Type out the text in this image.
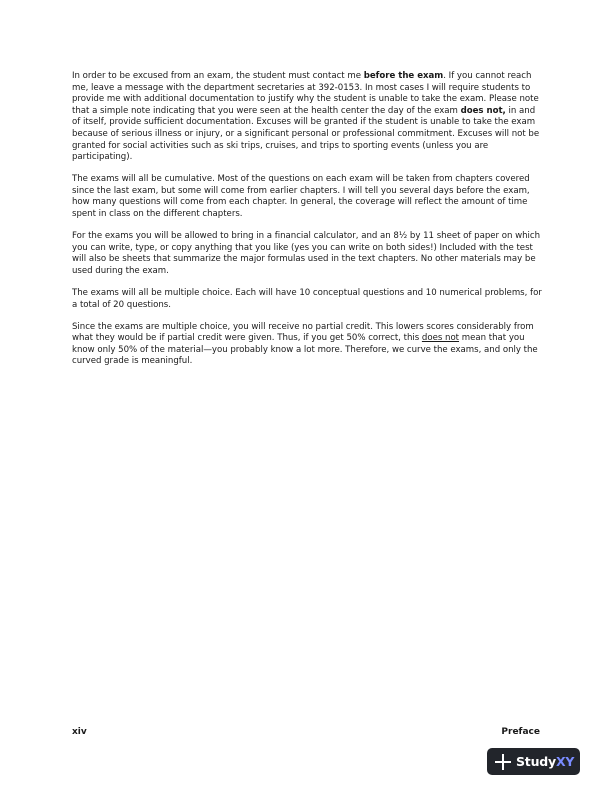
In order to be excused from an exam, the student must contact me before the exam. If you cannot reach me, leave a message with the department secretaries at 392-0153. In most cases I will require students to provide me with additional documentation to justify why the student is unable to take the exam. Please note that a simple note indicating that you were seen at the health center the day of the exam does not, in and of itself, provide sufficient documentation. Excuses will be granted if the student is unable to take the exam because of serious illness or injury, or a significant personal or professional commitment. Excuses will not be granted for social activities such as ski trips, cruises, and trips to sporting events (unless you are participating).

The exams will all be cumulative. Most of the questions on each exam will be taken from chapters covered since the last exam, but some will come from earlier chapters. I will tell you several days before the exam, how many questions will come from each chapter. In general, the coverage will reflect the amount of time spent in class on the different chapters.

For the exams you will be allowed to bring in a financial calculator, and an 8½ by 11 sheet of paper on which you can write, type, or copy anything that you like (yes you can write on both sides!) Included with the test will also be sheets that summarize the major formulas used in the text chapters. No other materials may be used during the exam.

The exams will all be multiple choice. Each will have 10 conceptual questions and 10 numerical problems, for a total of 20 questions.

Since the exams are multiple choice, you will receive no partial credit. This lowers scores considerably from what they would be if partial credit were given. Thus, if you get 50% correct, this does not mean that you know only 50% of the material—you probably know a lot more. Therefore, we curve the exams, and only the curved grade is meaningful.

xiv	Preface
StudyXY
